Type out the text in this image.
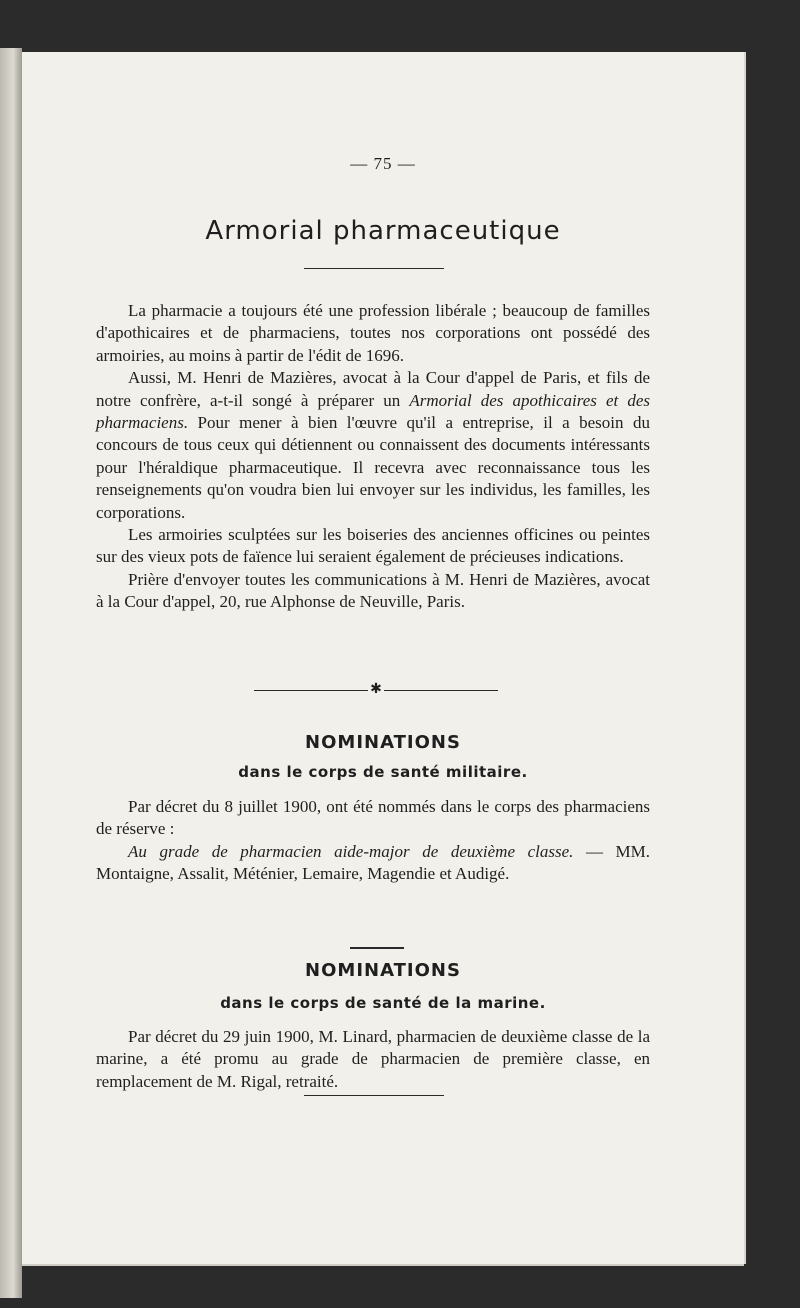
— 75 —
Armorial pharmaceutique

La pharmacie a toujours été une profession libérale ; beaucoup de familles d'apothicaires et de pharmaciens, toutes nos corporations ont possédé des armoiries, au moins à partir de l'édit de 1696.

Aussi, M. Henri de Mazières, avocat à la Cour d'appel de Paris, et fils de notre confrère, a-t-il songé à préparer un Armorial des apothicaires et des pharmaciens. Pour mener à bien l'œuvre qu'il a entreprise, il a besoin du concours de tous ceux qui détiennent ou connaissent des documents intéressants pour l'héraldique pharmaceutique. Il recevra avec reconnaissance tous les renseignements qu'on voudra bien lui envoyer sur les individus, les familles, les corporations.

Les armoiries sculptées sur les boiseries des anciennes officines ou peintes sur des vieux pots de faïence lui seraient également de précieuses indications.

Prière d'envoyer toutes les communications à M. Henri de Mazières, avocat à la Cour d'appel, 20, rue Alphonse de Neuville, Paris.

✱
NOMINATIONS
dans le corps de santé militaire.

Par décret du 8 juillet 1900, ont été nommés dans le corps des pharmaciens de réserve :

Au grade de pharmacien aide-major de deuxième classe. — MM. Montaigne, Assalit, Méténier, Lemaire, Magendie et Audigé.

NOMINATIONS
dans le corps de santé de la marine.

Par décret du 29 juin 1900, M. Linard, pharmacien de deuxième classe de la marine, a été promu au grade de pharmacien de première classe, en remplacement de M. Rigal, retraité.
